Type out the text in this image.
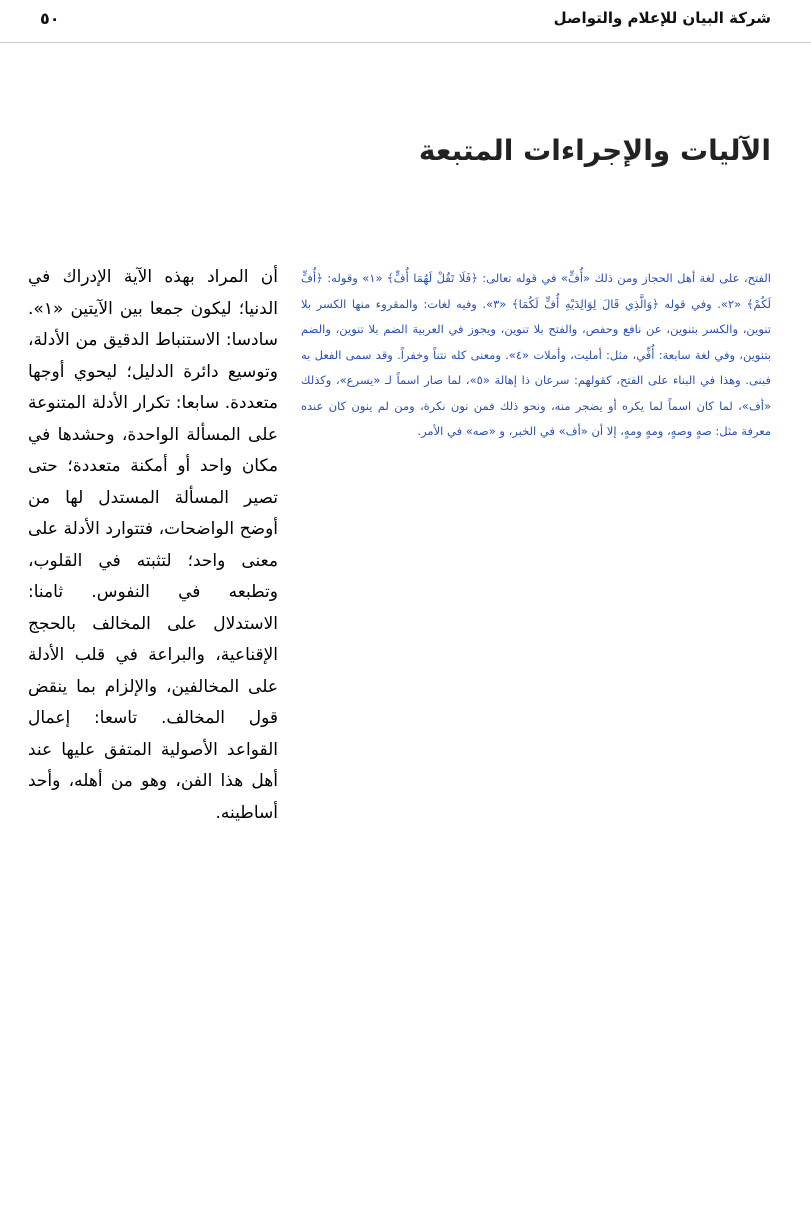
شركة البيان للإعلام والتواصل
٥٠
الآليات والإجراءات المتبعة

الفتح، على لغة أهل الحجاز ومن ذلك «أُفٍّ» في قوله تعالى: ﴿فَلَا تَقُلْ لَهُمَا أُفٍّ﴾ «١» وقوله: ﴿أُفٍّ لَكُمْ﴾ «٢». وفي قوله ﴿وَالَّذِي قَالَ لِوَالِدَيْهِ أُفٍّ لَكُمَا﴾ «٣». وفيه لغات: والمقروء منها الكسر بلا تنوين، والكسر بتنوين، عن نافع وحفص، والفتح بلا تنوين، ويجوز في العربية الضم بلا تنوين، والضم بتنوين، وفي لغة سابعة: أُفِّي، مثل: أمليت، وأملات «٤». ومعنى كله نتناً وخفراً. وقد سمى الفعل به فبنى. وهذا في البناء على الفتح، كقولهم: سرعان ذا إهالة «٥»، لما صار اسماً لـ «يسرع»، وكذلك «أف»، لما كان اسماً لما يكره أو يضجر منه، ونحو ذلك فمن نون نكرة، ومن لم ينون كان عنده معرفة مثل: صهٍ وصهٍ، ومهٍ ومهٍ، إلا أن «أف» في الخبر، و «صه» في الأمر.

أن المراد بهذه الآية الإدراك في الدنيا؛ ليكون جمعا بين الآيتين «١». سادسا: الاستنباط الدقيق من الأدلة، وتوسيع دائرة الدليل؛ ليحوي أوجها متعددة. سابعا: تكرار الأدلة المتنوعة على المسألة الواحدة، وحشدها في مكان واحد أو أمكنة متعددة؛ حتى تصير المسألة المستدل لها من أوضح الواضحات، فتتوارد الأدلة على معنى واحد؛ لتثبته في القلوب، وتطبعه في النفوس. ثامنا: الاستدلال على المخالف بالحجج الإقناعية، والبراعة في قلب الأدلة على المخالفين، والإلزام بما ينقض قول المخالف. تاسعا: إعمال القواعد الأصولية المتفق عليها عند أهل هذا الفن، وهو من أهله، وأحد أساطينه.
